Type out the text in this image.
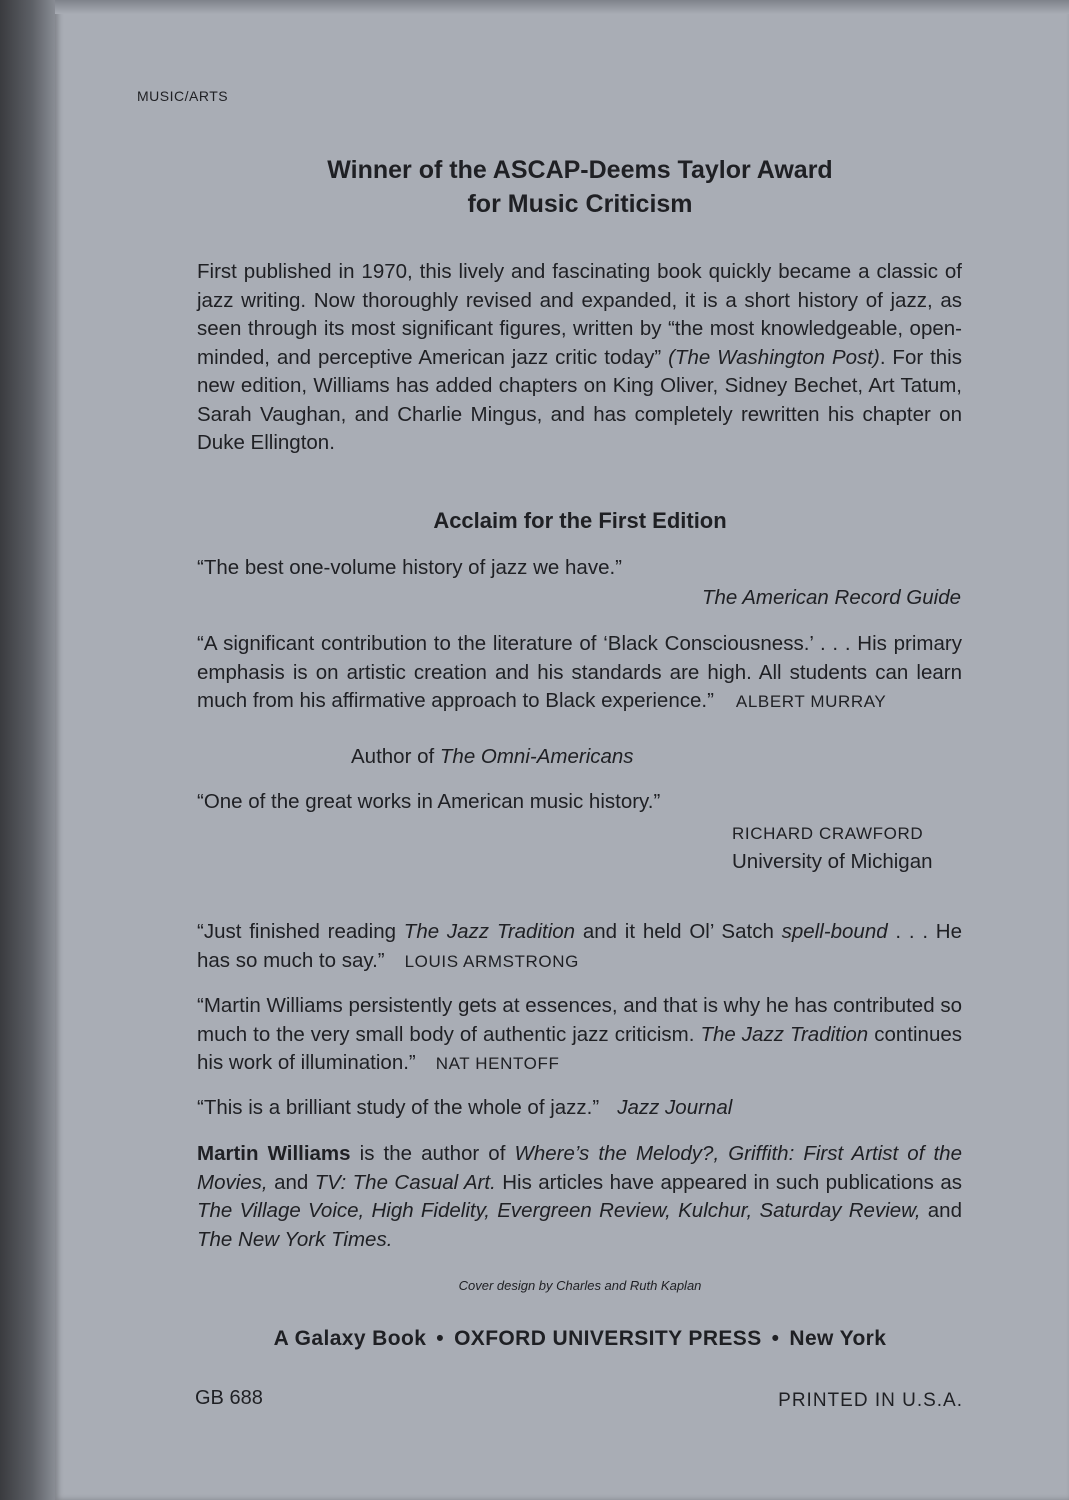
MUSIC/ARTS
Winner of the ASCAP-Deems Taylor Award
for Music Criticism
First published in 1970, this lively and fascinating book quickly became a classic of jazz writing. Now thoroughly revised and expanded, it is a short history of jazz, as seen through its most significant figures, written by “the most knowledgeable, open-minded, and perceptive American jazz critic today” (The Washington Post). For this new edition, Williams has added chapters on King Oliver, Sidney Bechet, Art Tatum, Sarah Vaughan, and Charlie Mingus, and has completely rewritten his chapter on Duke Ellington.
Acclaim for the First Edition
“The best one-volume history of jazz we have.”
The American Record Guide
“A significant contribution to the literature of ‘Black Consciousness.’ . . . His primary emphasis is on artistic creation and his standards are high. All students can learn much from his affirmative approach to Black experience.” ALBERT MURRAY
Author of The Omni-Americans
“One of the great works in American music history.”
RICHARD CRAWFORD
University of Michigan
“Just finished reading The Jazz Tradition and it held Ol’ Satch spell-bound . . . He has so much to say.” LOUIS ARMSTRONG
“Martin Williams persistently gets at essences, and that is why he has contributed so much to the very small body of authentic jazz criticism. The Jazz Tradition continues his work of illumination.” NAT HENTOFF
“This is a brilliant study of the whole of jazz.” Jazz Journal
Martin Williams is the author of Where’s the Melody?, Griffith: First Artist of the Movies, and TV: The Casual Art. His articles have appeared in such publications as The Village Voice, High Fidelity, Evergreen Review, Kulchur, Saturday Review, and The New York Times.
Cover design by Charles and Ruth Kaplan
A Galaxy Book • OXFORD UNIVERSITY PRESS • New York
GB 688	PRINTED IN U.S.A.
